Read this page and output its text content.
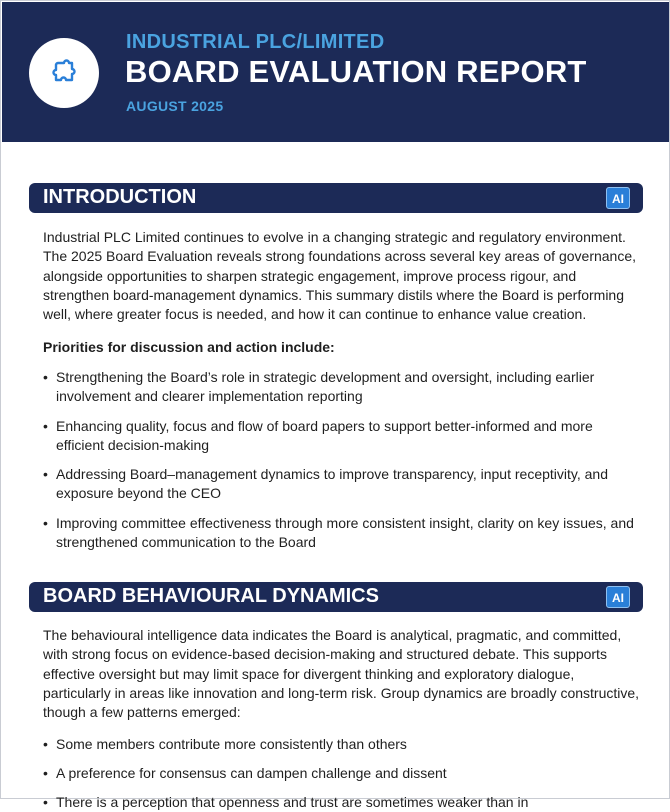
INDUSTRIAL PLC/LIMITED
BOARD EVALUATION REPORT
AUGUST 2025
INTRODUCTION	AI

Industrial PLC Limited continues to evolve in a changing strategic and regulatory environment. The 2025 Board Evaluation reveals strong foundations across several key areas of governance, alongside opportunities to sharpen strategic engagement, improve process rigour, and strengthen board-management dynamics. This summary distils where the Board is performing well, where greater focus is needed, and how it can continue to enhance value creation.

Priorities for discussion and action include:

• Strengthening the Board’s role in strategic development and oversight, including earlier involvement and clearer implementation reporting
• Enhancing quality, focus and flow of board papers to support better-informed and more efficient decision-making
• Addressing Board–management dynamics to improve transparency, input receptivity, and exposure beyond the CEO
• Improving committee effectiveness through more consistent insight, clarity on key issues, and strengthened communication to the Board
BOARD BEHAVIOURAL DYNAMICS	AI

The behavioural intelligence data indicates the Board is analytical, pragmatic, and committed, with strong focus on evidence-based decision-making and structured debate. This supports effective oversight but may limit space for divergent thinking and exploratory dialogue, particularly in areas like innovation and long-term risk. Group dynamics are broadly constructive, though a few patterns emerged:

• Some members contribute more consistently than others
• A preference for consensus can dampen challenge and dissent
• There is a perception that openness and trust are sometimes weaker than in
